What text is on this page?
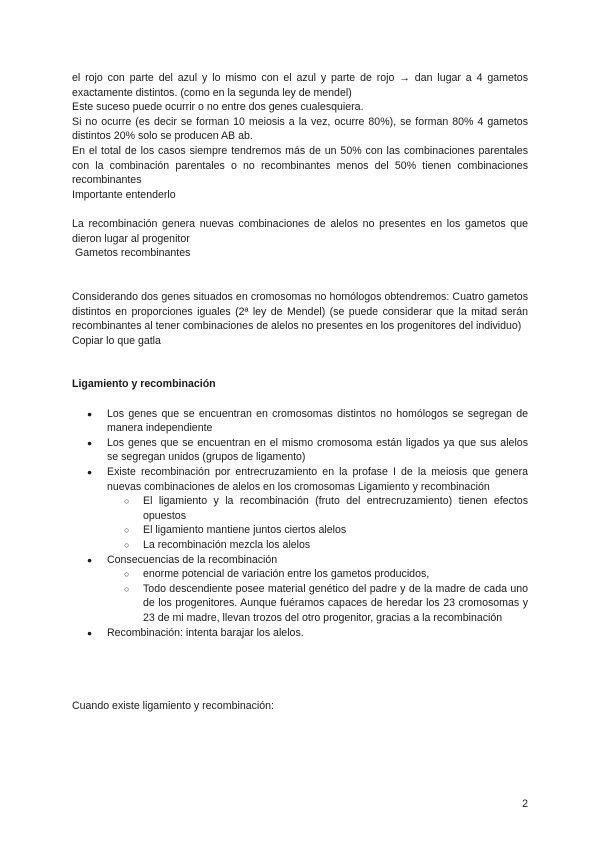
el rojo con parte del azul y lo mismo con el azul y parte de rojo → dan lugar a 4 gametos exactamente distintos. (como en la segunda ley de mendel)

Este suceso puede ocurrir o no entre dos genes cualesquiera.

Si no ocurre (es decir se forman 10 meiosis a la vez, ocurre 80%), se forman 80% 4 gametos distintos 20% solo se producen AB ab.

En el total de los casos siempre tendremos más de un 50% con las combinaciones parentales con la combinación parentales o no recombinantes menos del 50% tienen combinaciones recombinantes

Importante entenderlo

La recombinación genera nuevas combinaciones de alelos no presentes en los gametos que dieron lugar al progenitor

Gametos recombinantes

Considerando dos genes situados en cromosomas no homólogos obtendremos: Cuatro gametos distintos en proporciones iguales (2ª ley de Mendel) (se puede considerar que la mitad serán recombinantes al tener combinaciones de alelos no presentes en los progenitores del individuo)

Copiar lo que gatla

Ligamiento y recombinación
● Los genes que se encuentran en cromosomas distintos no homólogos se segregan de manera independiente
● Los genes que se encuentran en el mismo cromosoma están ligados ya que sus alelos se segregan unidos (grupos de ligamento)
● Existe recombinación por entrecruzamiento en la profase I de la meiosis que genera nuevas combinaciones de alelos en los cromosomas Ligamiento y recombinación
○ El ligamiento y la recombinación (fruto del entrecruzamiento) tienen efectos opuestos
○ El ligamiento mantiene juntos ciertos alelos
○ La recombinación mezcla los alelos
● Consecuencias de la recombinación
○ enorme potencial de variación entre los gametos producidos,
○ Todo descendiente posee material genético del padre y de la madre de cada uno de los progenitores. Aunque fuéramos capaces de heredar los 23 cromosomas y 23 de mi madre, llevan trozos del otro progenitor, gracias a la recombinación
● Recombinación: intenta barajar los alelos.

Cuando existe ligamiento y recombinación:

2
